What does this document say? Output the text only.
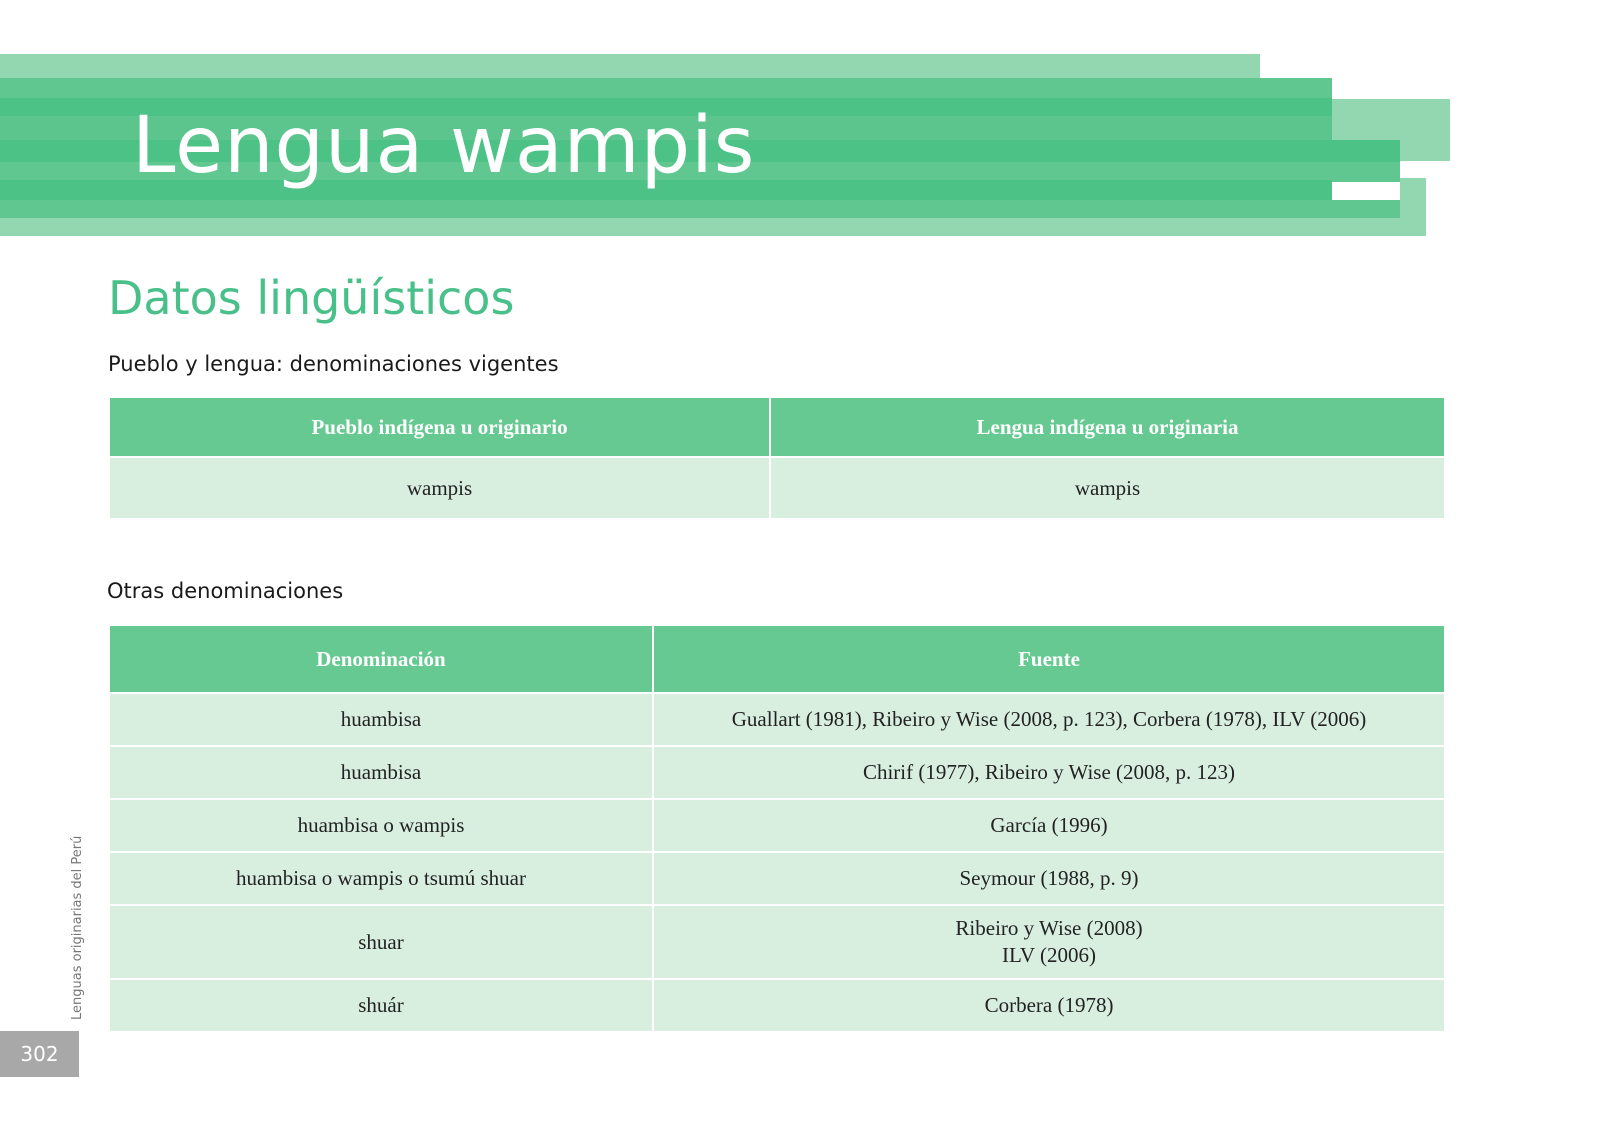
Lengua wampis
Datos lingüísticos
Pueblo y lengua: denominaciones vigentes
Pueblo indígena u originario	Lengua indígena u originaria
wampis	wampis
Otras denominaciones
Denominación	Fuente
huambisa	Guallart (1981), Ribeiro y Wise (2008, p. 123), Corbera (1978), ILV (2006)

huambisa	Chirif (1977), Ribeiro y Wise (2008, p. 123)

huambisa o wampis	García (1996)

huambisa o wampis o tsumú shuar	Seymour (1988, p. 9)

shuar	Ribeiro y Wise (2008)
ILV (2006)

shuár	Corbera (1978)
Lenguas originarias del Perú
302
